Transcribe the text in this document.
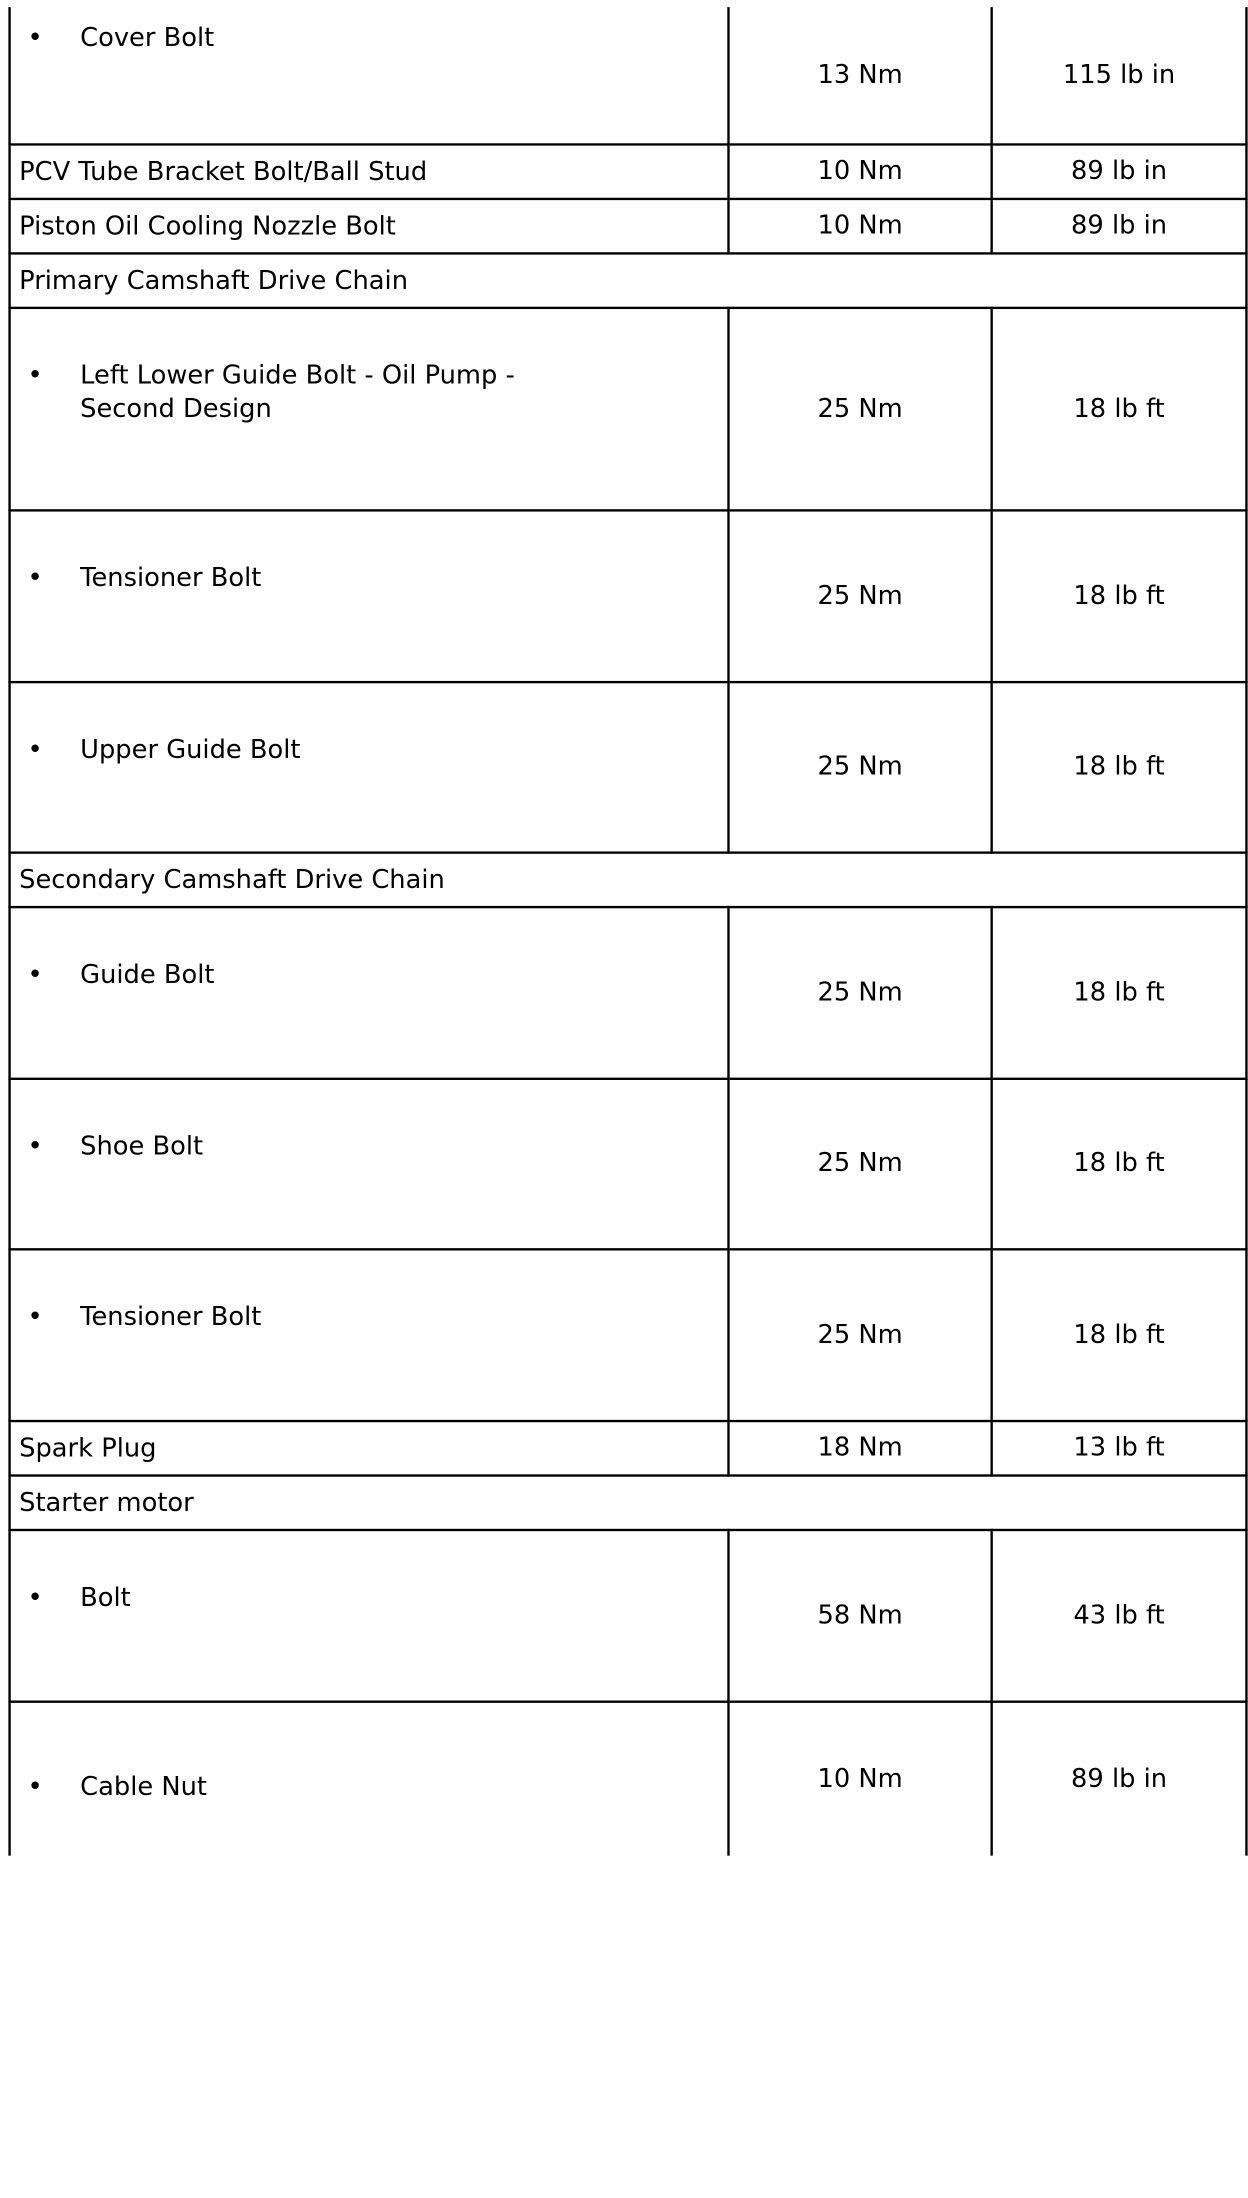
• Cover Bolt	13 Nm	115 lb in
PCV Tube Bracket Bolt/Ball Stud	10 Nm	89 lb in
Piston Oil Cooling Nozzle Bolt	10 Nm	89 lb in
Primary Camshaft Drive Chain		

• Left Lower Guide Bolt - Oil Pump - Second Design	25 Nm	18 lb ft

• Tensioner Bolt	25 Nm	18 lb ft

• Upper Guide Bolt	25 Nm	18 lb ft
Secondary Camshaft Drive Chain		

• Guide Bolt	25 Nm	18 lb ft

• Shoe Bolt	25 Nm	18 lb ft

• Tensioner Bolt	25 Nm	18 lb ft
Spark Plug	18 Nm	13 lb ft
Starter motor		

• Bolt	58 Nm	43 lb ft

• Cable Nut	10 Nm	89 lb in
